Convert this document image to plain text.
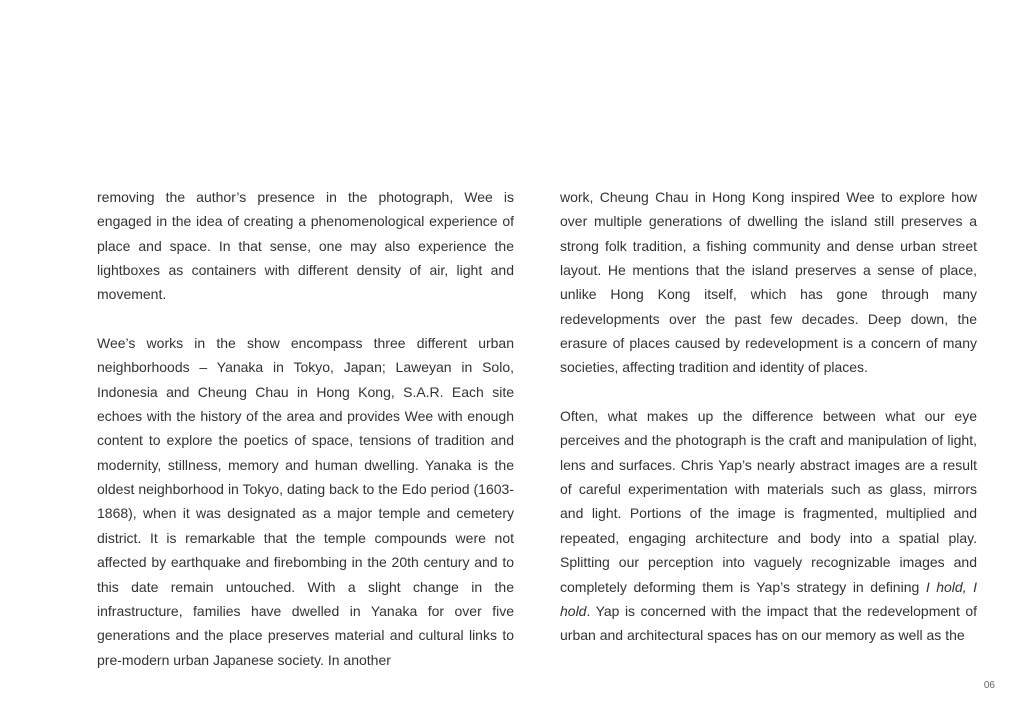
removing the author’s presence in the photograph, Wee is engaged in the idea of creating a phenomenological experience of place and space. In that sense, one may also experience the lightboxes as containers with different density of air, light and movement.

Wee’s works in the show encompass three different urban neighborhoods – Yanaka in Tokyo, Japan; Laweyan in Solo, Indonesia and Cheung Chau in Hong Kong, S.A.R. Each site echoes with the history of the area and provides Wee with enough content to explore the poetics of space, tensions of tradition and modernity, stillness, memory and human dwelling. Yanaka is the oldest neighborhood in Tokyo, dating back to the Edo period (1603-1868), when it was designated as a major temple and cemetery district. It is remarkable that the temple compounds were not affected by earthquake and firebombing in the 20th century and to this date remain untouched. With a slight change in the infrastructure, families have dwelled in Yanaka for over five generations and the place preserves material and cultural links to pre-modern urban Japanese society. In another

work, Cheung Chau in Hong Kong inspired Wee to explore how over multiple generations of dwelling the island still preserves a strong folk tradition, a fishing community and dense urban street layout. He mentions that the island preserves a sense of place, unlike Hong Kong itself, which has gone through many redevelopments over the past few decades. Deep down, the erasure of places caused by redevelopment is a concern of many societies, affecting tradition and identity of places.

Often, what makes up the difference between what our eye perceives and the photograph is the craft and manipulation of light, lens and surfaces. Chris Yap’s nearly abstract images are a result of careful experimentation with materials such as glass, mirrors and light. Portions of the image is fragmented, multiplied and repeated, engaging architecture and body into a spatial play. Splitting our perception into vaguely recognizable images and completely deforming them is Yap’s strategy in defining I hold, I hold. Yap is concerned with the impact that the redevelopment of urban and architectural spaces has on our memory as well as the

06
